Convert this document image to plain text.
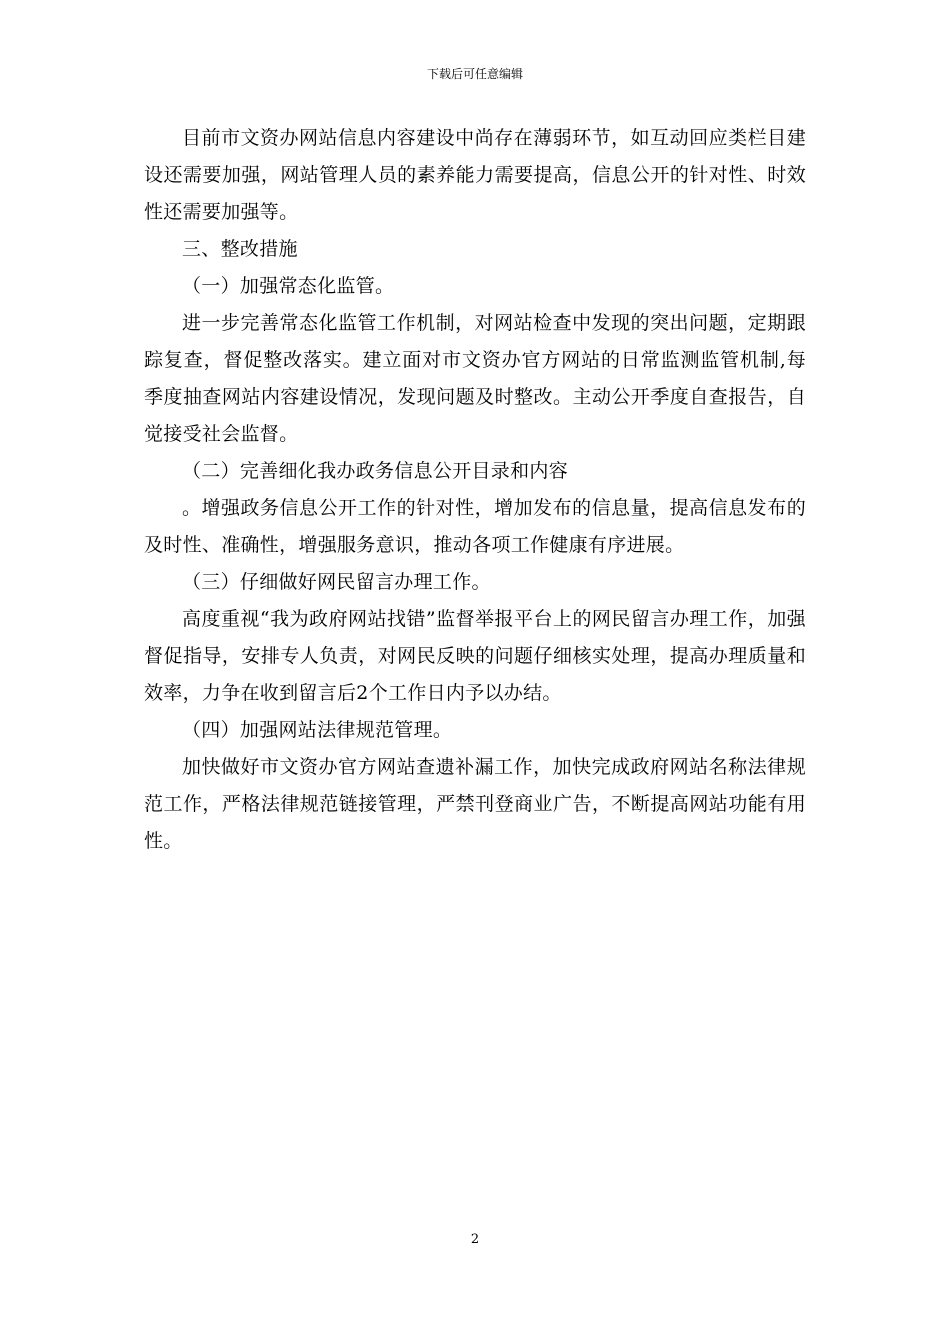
下载后可任意编辑

目前市文资办网站信息内容建设中尚存在薄弱环节，如互动回应类栏目建设还需要加强，网站管理人员的素养能力需要提高，信息公开的针对性、时效性还需要加强等。

三、整改措施

（一）加强常态化监管。

进一步完善常态化监管工作机制，对网站检查中发现的突出问题，定期跟踪复查，督促整改落实。建立面对市文资办官方网站的日常监测监管机制,每季度抽查网站内容建设情况，发现问题及时整改。主动公开季度自查报告，自觉接受社会监督。

（二）完善细化我办政务信息公开目录和内容

。增强政务信息公开工作的针对性，增加发布的信息量，提高信息发布的及时性、准确性，增强服务意识，推动各项工作健康有序进展。

（三）仔细做好网民留言办理工作。

高度重视“我为政府网站找错”监督举报平台上的网民留言办理工作，加强督促指导，安排专人负责，对网民反映的问题仔细核实处理，提高办理质量和效率，力争在收到留言后2个工作日内予以办结。

（四）加强网站法律规范管理。

加快做好市文资办官方网站查遗补漏工作，加快完成政府网站名称法律规范工作，严格法律规范链接管理，严禁刊登商业广告，不断提高网站功能有用性。

2
